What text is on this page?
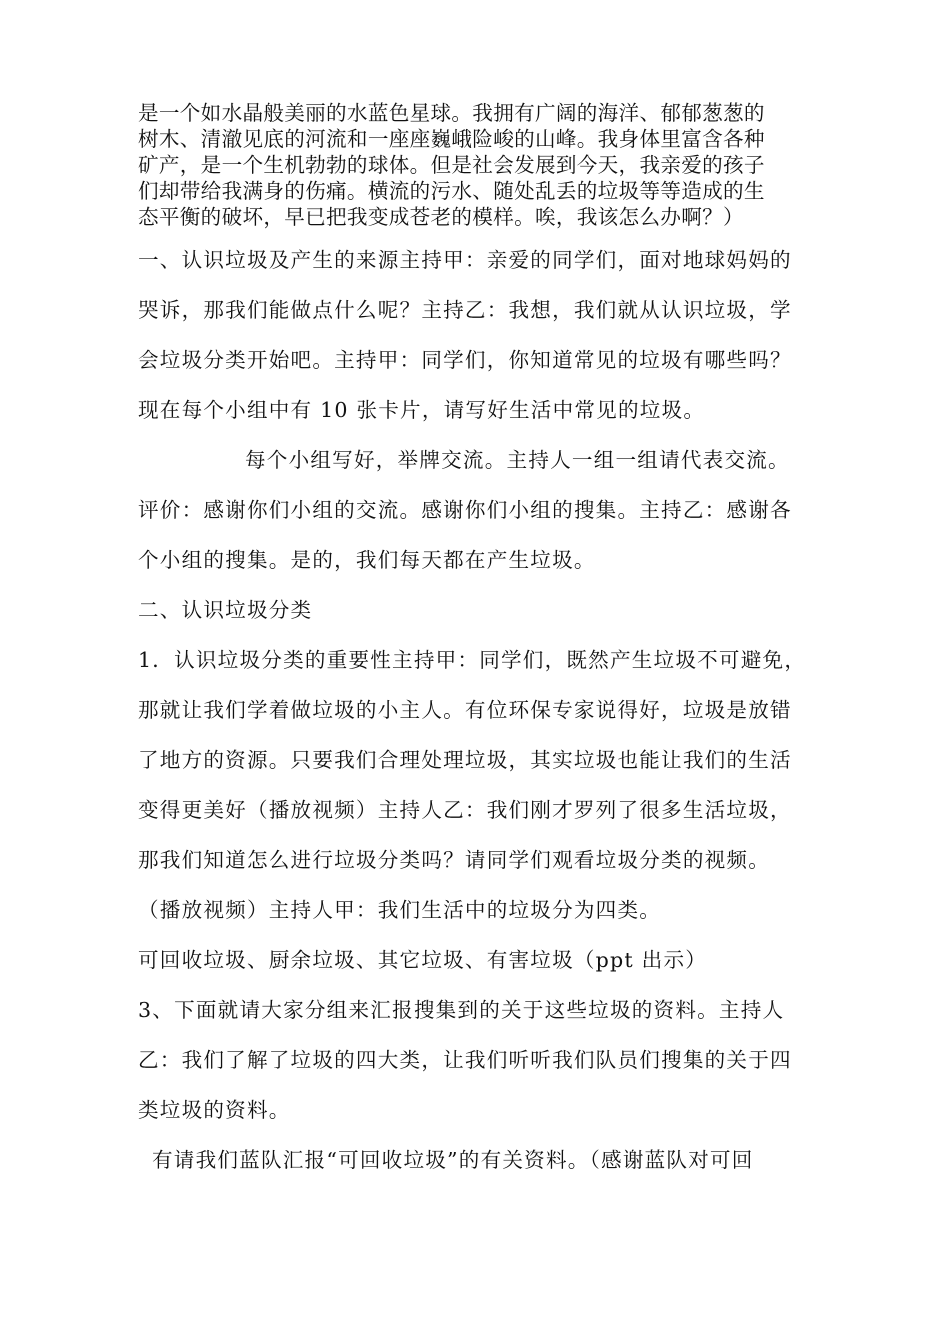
是一个如水晶般美丽的水蓝色星球。我拥有广阔的海洋、郁郁葱葱的
树木、清澈见底的河流和一座座巍峨险峻的山峰。我身体里富含各种
矿产，是一个生机勃勃的球体。但是社会发展到今天，我亲爱的孩子
们却带给我满身的伤痛。横流的污水、随处乱丢的垃圾等等造成的生
态平衡的破坏，早已把我变成苍老的模样。唉，我该怎么办啊？）
一、认识垃圾及产生的来源主持甲：亲爱的同学们，面对地球妈妈的
哭诉，那我们能做点什么呢？主持乙：我想，我们就从认识垃圾，学
会垃圾分类开始吧。主持甲：同学们，你知道常见的垃圾有哪些吗？
现在每个小组中有 10 张卡片，请写好生活中常见的垃圾。
每个小组写好，举牌交流。主持人一组一组请代表交流。
评价：感谢你们小组的交流。感谢你们小组的搜集。主持乙：感谢各
个小组的搜集。是的，我们每天都在产生垃圾。
二、认识垃圾分类
1．认识垃圾分类的重要性主持甲：同学们，既然产生垃圾不可避免，
那就让我们学着做垃圾的小主人。有位环保专家说得好，垃圾是放错
了地方的资源。只要我们合理处理垃圾，其实垃圾也能让我们的生活
变得更美好（播放视频）主持人乙：我们刚才罗列了很多生活垃圾，
那我们知道怎么进行垃圾分类吗？请同学们观看垃圾分类的视频。
（播放视频）主持人甲：我们生活中的垃圾分为四类。
可回收垃圾、厨余垃圾、其它垃圾、有害垃圾（ppt 出示）
3、下面就请大家分组来汇报搜集到的关于这些垃圾的资料。主持人
乙：我们了解了垃圾的四大类，让我们听听我们队员们搜集的关于四
类垃圾的资料。
有请我们蓝队汇报“可回收垃圾”的有关资料。（感谢蓝队对可回
